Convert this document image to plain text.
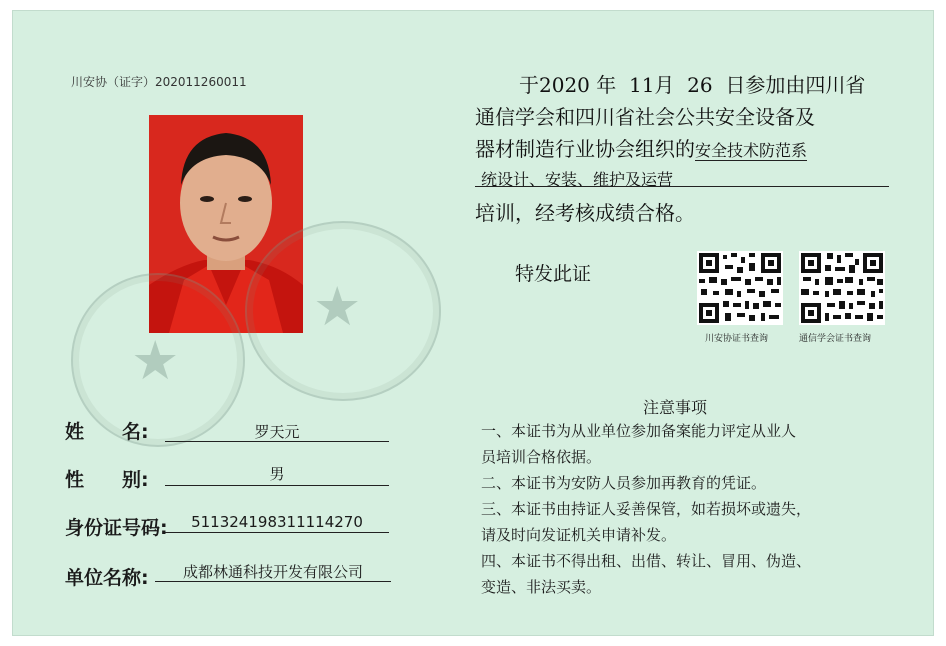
川安协（证字）202011260011
★
★
于2020 年 11月 26 日参加由四川省
通信学会和四川省社会公共安全设备及
器材制造行业协会组织的安全技术防范系
统设计、安装、维护及运营
培训，经考核成绩合格。
特发此证
川安协证书查询	通信学会证书查询
注意事项
一、本证书为从业单位参加备案能力评定从业人
员培训合格依据。
二、本证书为安防人员参加再教育的凭证。
三、本证书由持证人妥善保管，如若损坏或遗失，
请及时向发证机关申请补发。
四、本证书不得出租、出借、转让、冒用、伪造、
变造、非法买卖。
姓　　名:	罗天元
性　　别:	男
身份证号码:	511324198311114270
单位名称:	成都林通科技开发有限公司
